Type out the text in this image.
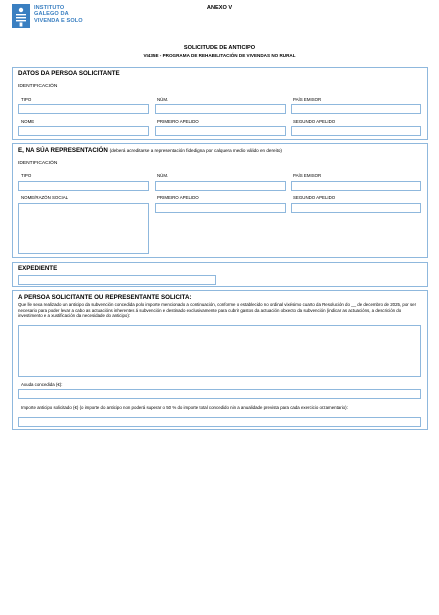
INSTITUTO
GALEGO DA
VIVENDA E SOLO
ANEXO V
SOLICITUDE DE ANTICIPO
VI435E - PROGRAMA DE REHABILITACIÓN DE VIVENDAS NO RURAL
DATOS DA PERSOA SOLICITANTE
IDENTIFICACIÓN
TIPO	NÚM.	PAÍS EMISOR
NOME	PRIMEIRO APELIDO	SEGUNDO APELIDO
E, NA SÚA REPRESENTACIÓN (deberá acreditarse a representación fidedigna por calquera medio válido en dereito)
IDENTIFICACIÓN
TIPO	NÚM.	PAÍS EMISOR
NOME/RAZÓN SOCIAL	PRIMEIRO APELIDO	SEGUNDO APELIDO
EXPEDIENTE
A PERSOA SOLICITANTE OU REPRESENTANTE SOLICITA:
Que lle sexa realizado un anticipo da subvención concedida polo importe mencionado a continuación, conforme o establecido no ordinal vixésimo cuarto da Resolución do __ de decembro de 2025, por ser necesario para poder levar a cabo as actuacións inherentes á subvención e destinado exclusivamente para cubrir gastos da actuación obxecto da subvención (indicar as actuacións, a descrición do investimento e a xustificación da necesidade do anticipo):
Axuda concedida (€):
Importe anticipo solicitado (€) (o importe do anticipo non poderá superar o 50 % do importe total concedido nin a anualidade prevista para cada exercicio orzamentario):
